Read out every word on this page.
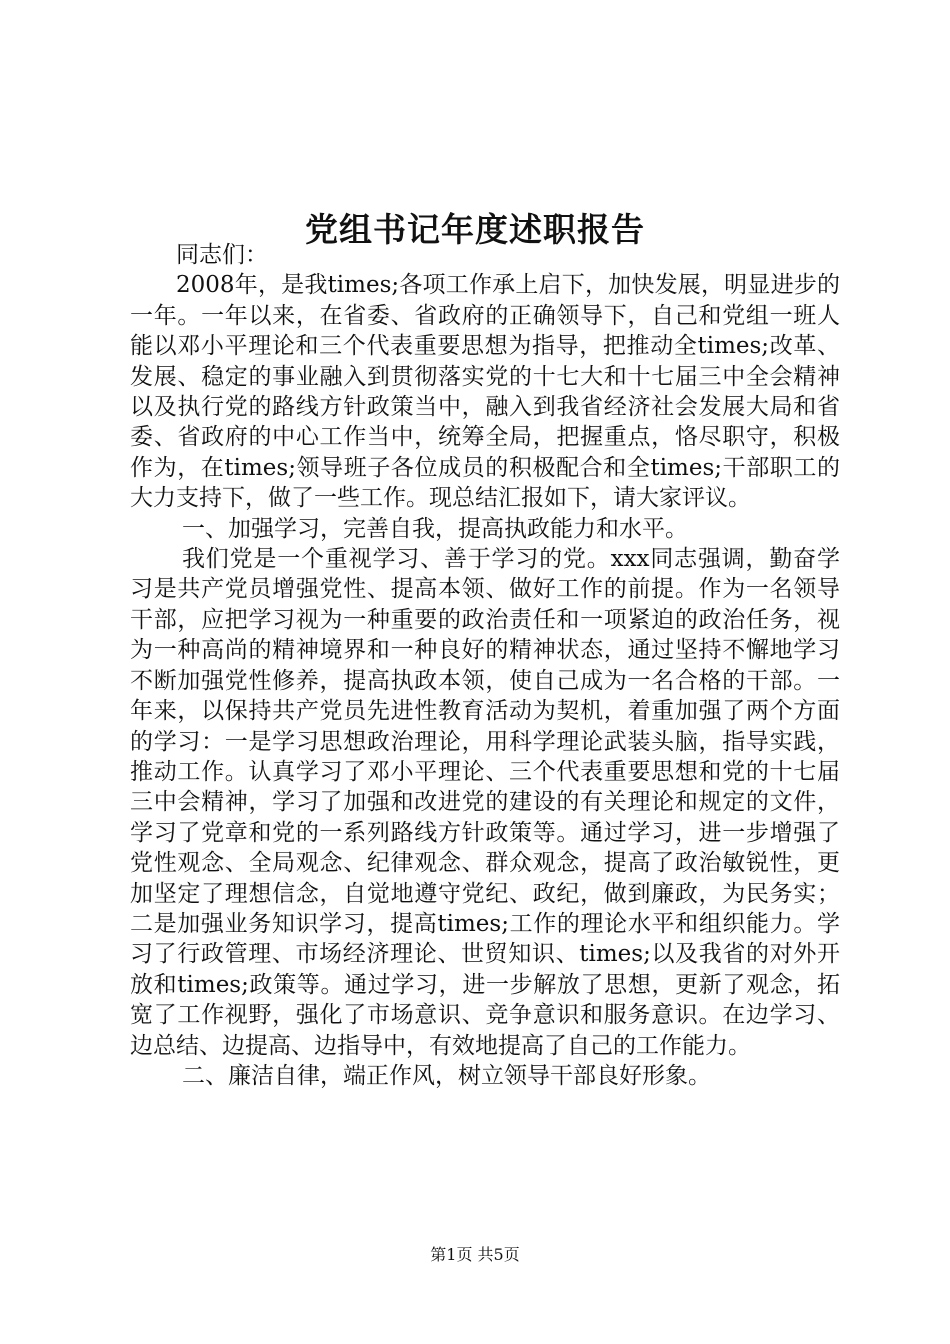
党组书记年度述职报告

同志们：

2008年，是我times;各项工作承上启下，加快发展，明显进步的一年。一年以来，在省委、省政府的正确领导下，自己和党组一班人能以邓小平理论和三个代表重要思想为指导，把推动全times;改革、发展、稳定的事业融入到贯彻落实党的十七大和十七届三中全会精神以及执行党的路线方针政策当中，融入到我省经济社会发展大局和省委、省政府的中心工作当中，统筹全局，把握重点，恪尽职守，积极作为，在times;领导班子各位成员的积极配合和全times;干部职工的大力支持下，做了一些工作。现总结汇报如下，请大家评议。

一、加强学习，完善自我，提高执政能力和水平。

我们党是一个重视学习、善于学习的党。xxx同志强调，勤奋学习是共产党员增强党性、提高本领、做好工作的前提。作为一名领导干部，应把学习视为一种重要的政治责任和一项紧迫的政治任务，视为一种高尚的精神境界和一种良好的精神状态，通过坚持不懈地学习不断加强党性修养，提高执政本领，使自己成为一名合格的干部。一年来，以保持共产党员先进性教育活动为契机，着重加强了两个方面的学习：一是学习思想政治理论，用科学理论武装头脑，指导实践，推动工作。认真学习了邓小平理论、三个代表重要思想和党的十七届三中会精神，学习了加强和改进党的建设的有关理论和规定的文件，学习了党章和党的一系列路线方针政策等。通过学习，进一步增强了党性观念、全局观念、纪律观念、群众观念，提高了政治敏锐性，更加坚定了理想信念，自觉地遵守党纪、政纪，做到廉政，为民务实；二是加强业务知识学习，提高times;工作的理论水平和组织能力。学习了行政管理、市场经济理论、世贸知识、times;以及我省的对外开放和times;政策等。通过学习，进一步解放了思想，更新了观念，拓宽了工作视野，强化了市场意识、竞争意识和服务意识。在边学习、边总结、边提高、边指导中，有效地提高了自己的工作能力。

二、廉洁自律，端正作风，树立领导干部良好形象。

第1页 共5页
